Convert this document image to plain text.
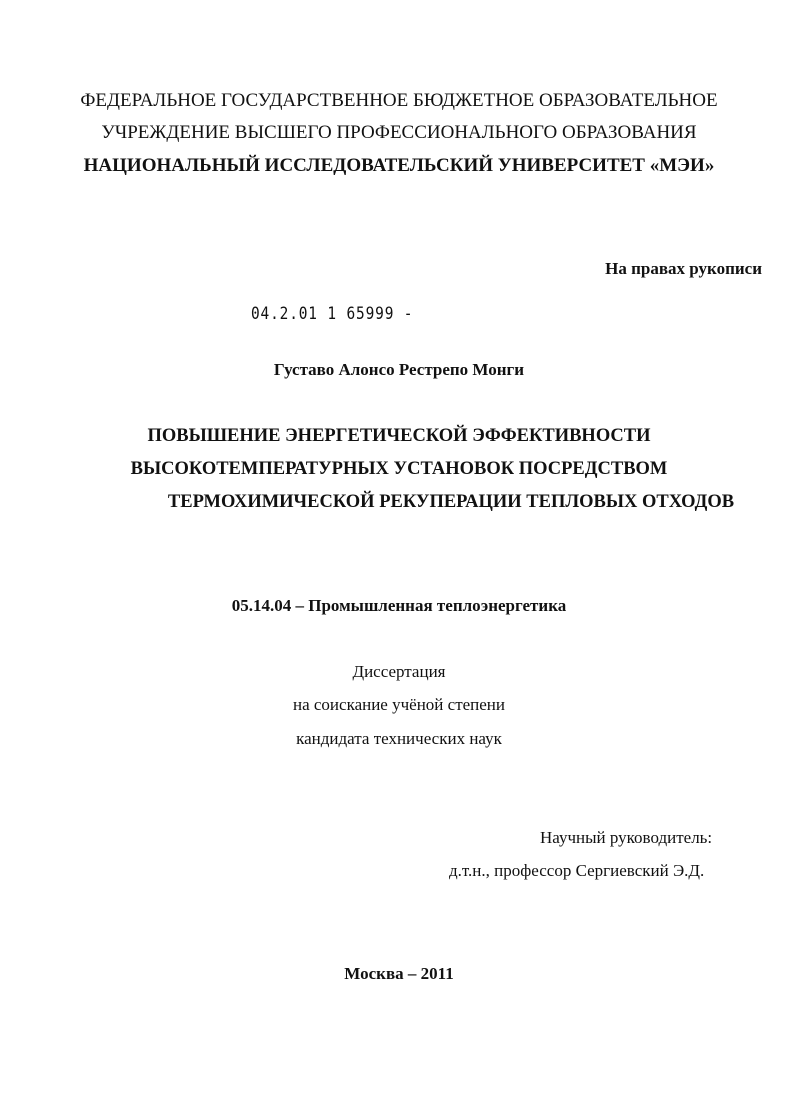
ФЕДЕРАЛЬНОЕ ГОСУДАРСТВЕННОЕ БЮДЖЕТНОЕ ОБРАЗОВАТЕЛЬНОЕ
УЧРЕЖДЕНИЕ ВЫСШЕГО ПРОФЕССИОНАЛЬНОГО ОБРАЗОВАНИЯ
НАЦИОНАЛЬНЫЙ ИССЛЕДОВАТЕЛЬСКИЙ УНИВЕРСИТЕТ «МЭИ»
На правах рукописи
04.2.01 1 65999 -
Густаво Алонсо Рестрепо Монги
ПОВЫШЕНИЕ ЭНЕРГЕТИЧЕСКОЙ ЭФФЕКТИВНОСТИ
ВЫСОКОТЕМПЕРАТУРНЫХ УСТАНОВОК ПОСРЕДСТВОМ
ТЕРМОХИМИЧЕСКОЙ РЕКУПЕРАЦИИ ТЕПЛОВЫХ ОТХОДОВ
05.14.04 – Промышленная теплоэнергетика
Диссертация
на соискание учёной степени
кандидата технических наук
Научный руководитель:
д.т.н., профессор Сергиевский Э.Д.
Москва – 2011
